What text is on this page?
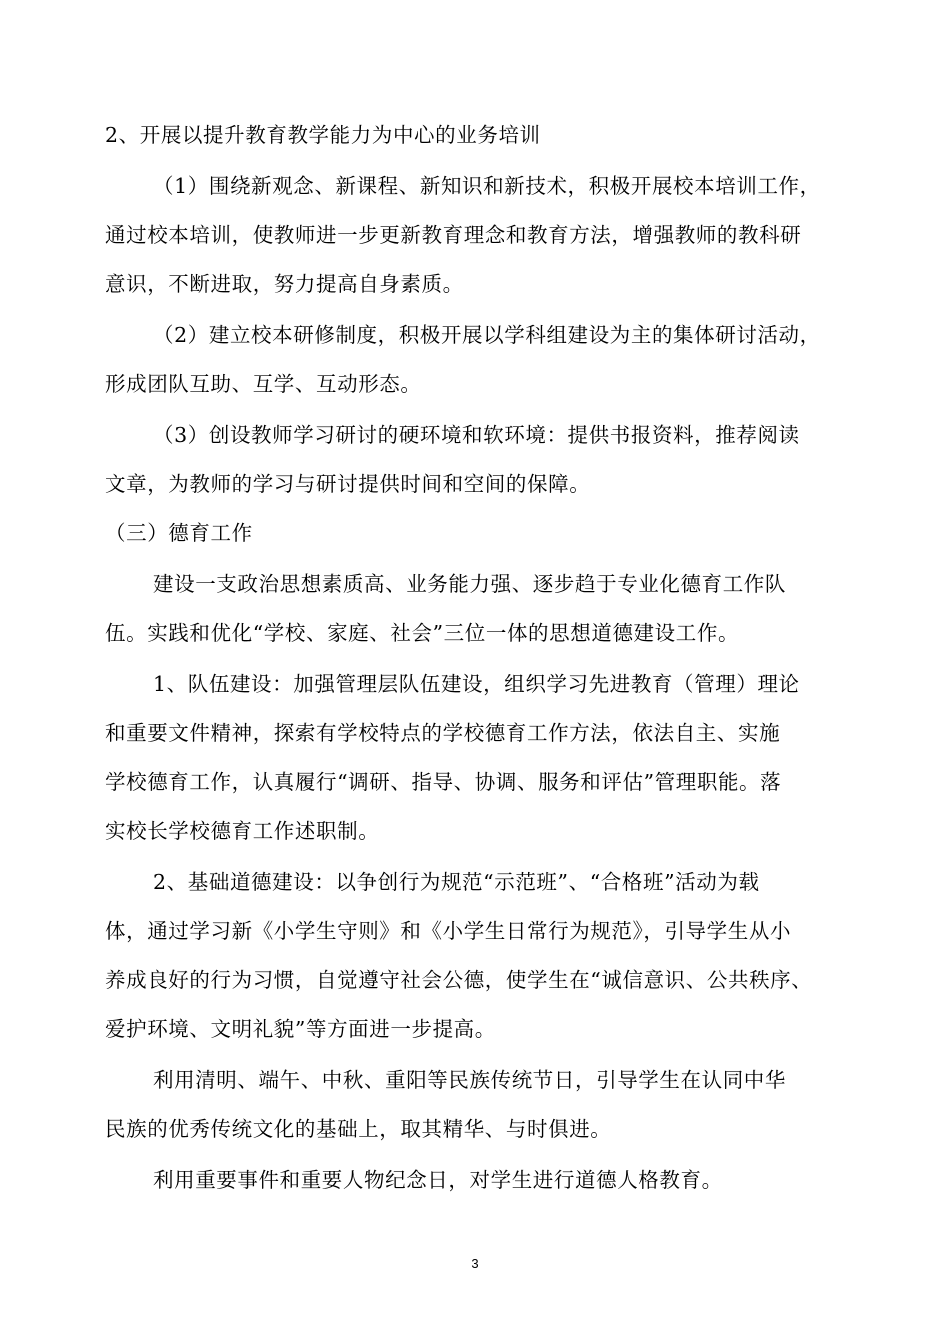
2、开展以提升教育教学能力为中心的业务培训
（1）围绕新观念、新课程、新知识和新技术，积极开展校本培训工作，
通过校本培训，使教师进一步更新教育理念和教育方法，增强教师的教科研
意识，不断进取，努力提高自身素质。
（2）建立校本研修制度，积极开展以学科组建设为主的集体研讨活动，
形成团队互助、互学、互动形态。
（3）创设教师学习研讨的硬环境和软环境：提供书报资料，推荐阅读
文章，为教师的学习与研讨提供时间和空间的保障。
（三）德育工作
建设一支政治思想素质高、业务能力强、逐步趋于专业化德育工作队
伍。实践和优化“学校、家庭、社会”三位一体的思想道德建设工作。
1、队伍建设：加强管理层队伍建设，组织学习先进教育（管理）理论
和重要文件精神，探索有学校特点的学校德育工作方法，依法自主、实施
学校德育工作，认真履行“调研、指导、协调、服务和评估”管理职能。落
实校长学校德育工作述职制。
2、基础道德建设：以争创行为规范“示范班”、“合格班”活动为载
体，通过学习新《小学生守则》和《小学生日常行为规范》，引导学生从小
养成良好的行为习惯，自觉遵守社会公德，使学生在“诚信意识、公共秩序、
爱护环境、文明礼貌”等方面进一步提高。
利用清明、端午、中秋、重阳等民族传统节日，引导学生在认同中华
民族的优秀传统文化的基础上，取其精华、与时俱进。
利用重要事件和重要人物纪念日，对学生进行道德人格教育。
3
